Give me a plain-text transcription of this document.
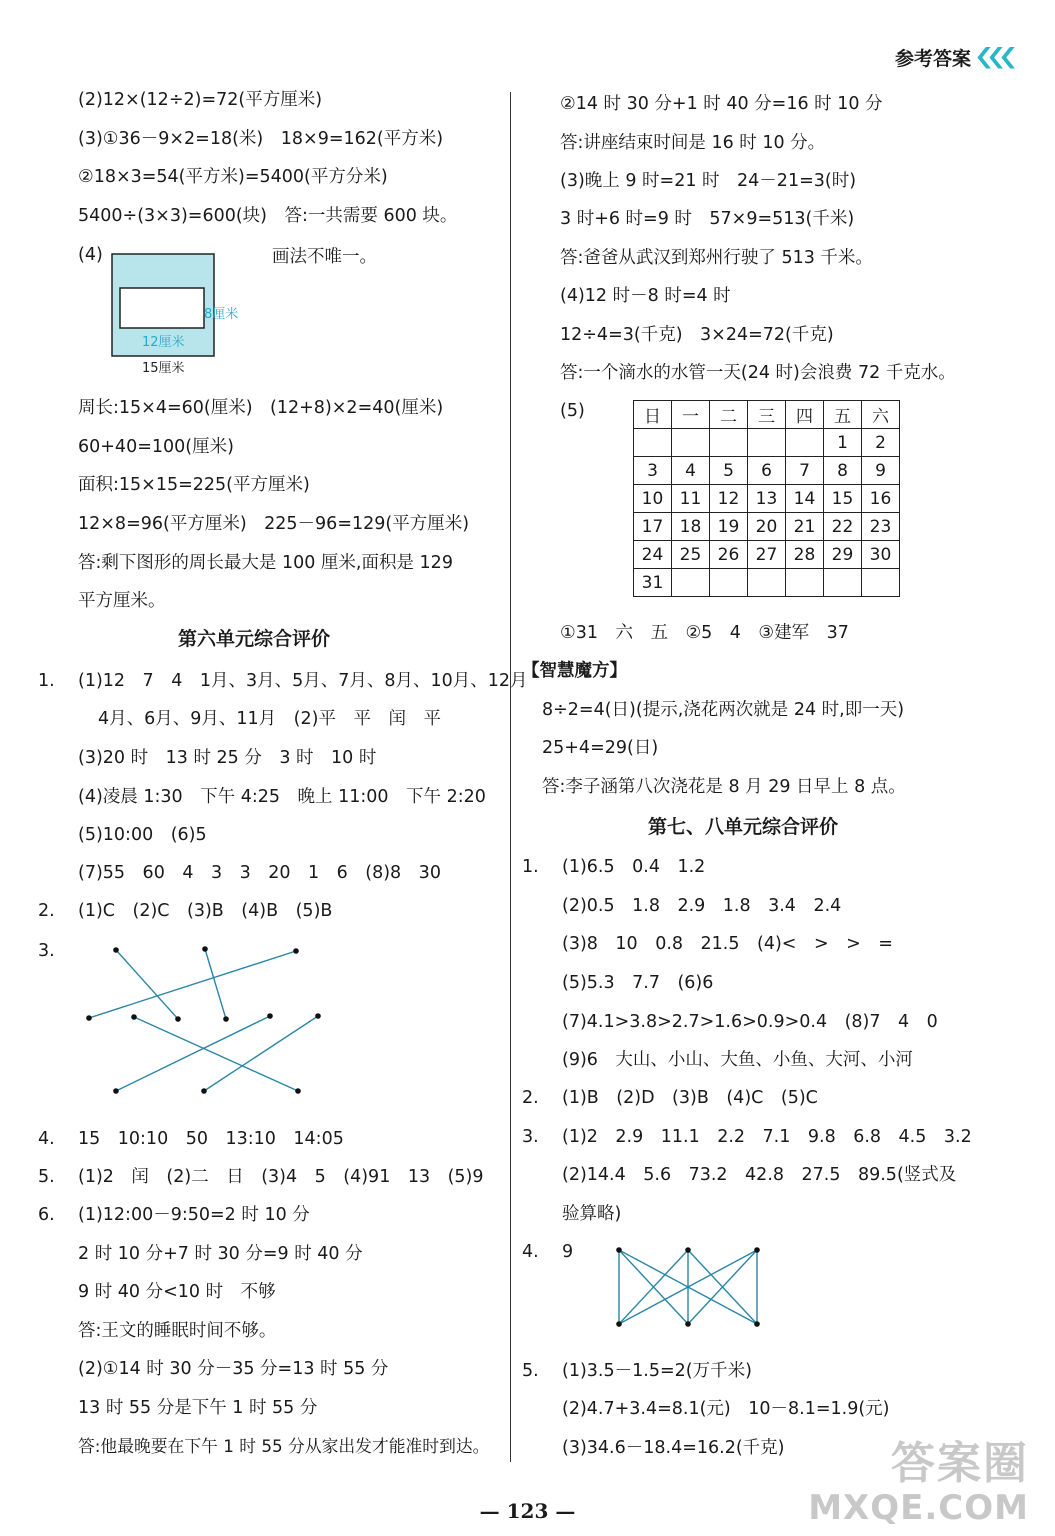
参考答案
(2)12×(12÷2)=72(平方厘米)
(3)①36－9×2=18(米)　18×9=162(平方米)
②18×3=54(平方米)=5400(平方分米)
5400÷(3×3)=600(块)　答:一共需要 600 块。
(4)	画法不唯一。
8厘米
12厘米
15厘米
周长:15×4=60(厘米)　(12+8)×2=40(厘米)
60+40=100(厘米)
面积:15×15=225(平方厘米)
12×8=96(平方厘米)　225－96=129(平方厘米)
答:剩下图形的周长最大是 100 厘米,面积是 129
平方厘米。
第六单元综合评价
1. (1)12　7　4　1月、3月、5月、7月、8月、10月、12月
4月、6月、9月、11月　(2)平　平　闰　平
(3)20 时　13 时 25 分　3 时　10 时
(4)凌晨 1:30　下午 4:25　晚上 11:00　下午 2:20
(5)10:00　(6)5
(7)55　60　4　3　3　20　1　6　(8)8　30
2. (1)C　(2)C　(3)B　(4)B　(5)B
3.
4. 15　10:10　50　13:10　14:05
5. (1)2　闰　(2)二　日　(3)4　5　(4)91　13　(5)9
6. (1)12:00－9:50=2 时 10 分
2 时 10 分+7 时 30 分=9 时 40 分
9 时 40 分<10 时　不够
答:王文的睡眠时间不够。
(2)①14 时 30 分－35 分=13 时 55 分
13 时 55 分是下午 1 时 55 分
答:他最晚要在下午 1 时 55 分从家出发才能准时到达。
②14 时 30 分+1 时 40 分=16 时 10 分
答:讲座结束时间是 16 时 10 分。
(3)晚上 9 时=21 时　24－21=3(时)
3 时+6 时=9 时　57×9=513(千米)
答:爸爸从武汉到郑州行驶了 513 千米。
(4)12 时－8 时=4 时
12÷4=3(千克)　3×24=72(千克)
答:一个滴水的水管一天(24 时)会浪费 72 千克水。
(5)	日	一	二	三	四	五	六
					1	2
3	4	5	6	7	8	9
10	11	12	13	14	15	16
17	18	19	20	21	22	23
24	25	26	27	28	29	30
31						
①31　六　五　②5　4　③建军　37
【智慧魔方】
8÷2=4(日)(提示,浇花两次就是 24 时,即一天)
25+4=29(日)
答:李子涵第八次浇花是 8 月 29 日早上 8 点。
第七、八单元综合评价
1. (1)6.5　0.4　1.2
(2)0.5　1.8　2.9　1.8　3.4　2.4
(3)8　10　0.8　21.5　(4)<　>　>　=
(5)5.3　7.7　(6)6
(7)4.1>3.8>2.7>1.6>0.9>0.4　(8)7　4　0
(9)6　大山、小山、大鱼、小鱼、大河、小河
2. (1)B　(2)D　(3)B　(4)C　(5)C
3. (1)2　2.9　11.1　2.2　7.1　9.8　6.8　4.5　3.2
(2)14.4　5.6　73.2　42.8　27.5　89.5(竖式及
验算略)
4. 9
5. (1)3.5－1.5=2(万千米)
(2)4.7+3.4=8.1(元)　10－8.1=1.9(元)
(3)34.6－18.4=16.2(千克)
— 123 —
答案圈
MXQE.COM
